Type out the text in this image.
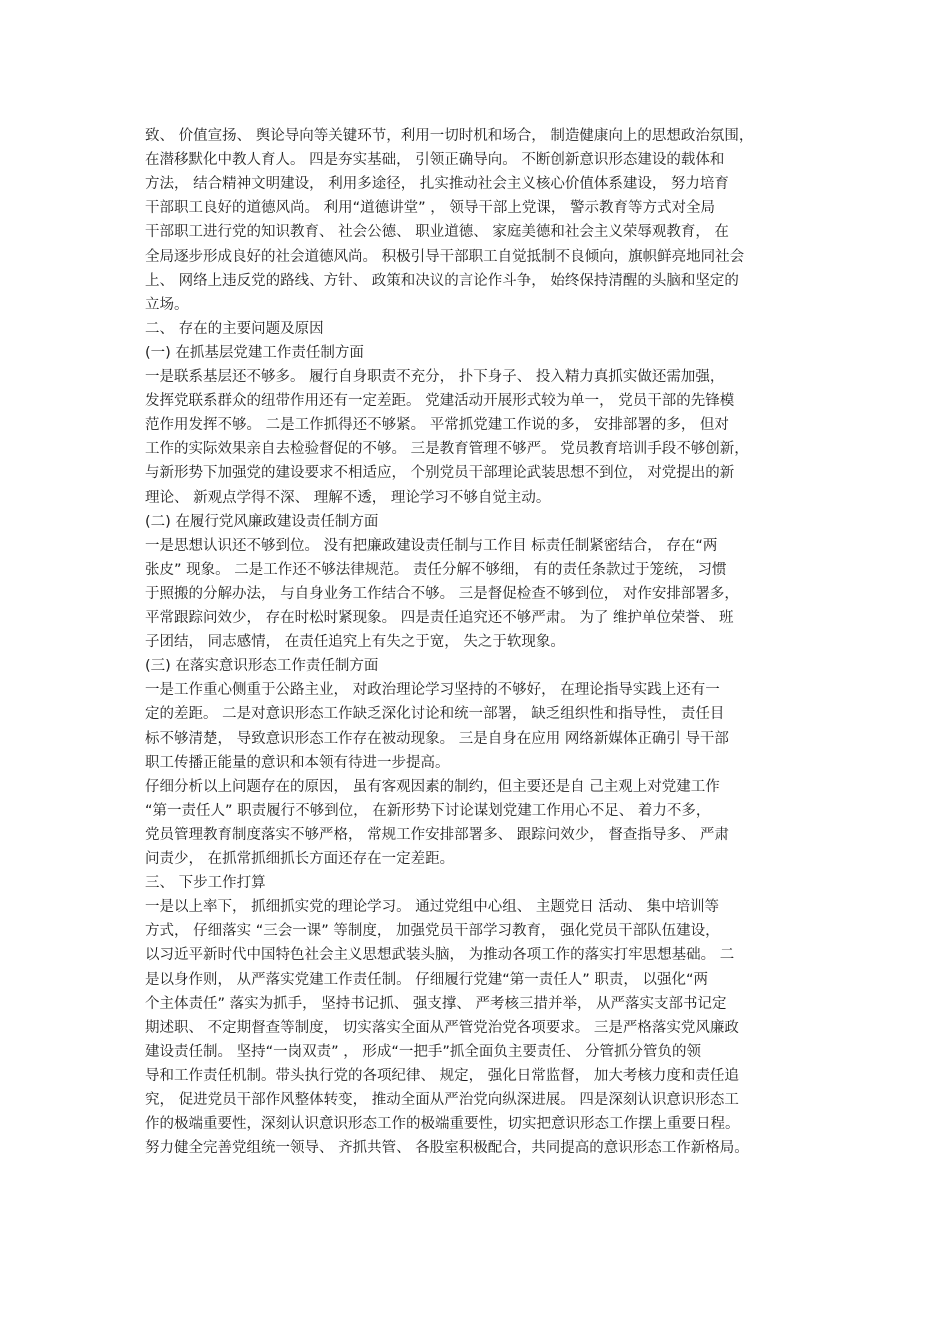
致、 价值宣扬、 舆论导向等关键环节，利用一切时机和场合， 制造健康向上的思想政治氛围，
在潜移默化中教人育人。 四是夯实基础， 引领正确导向。 不断创新意识形态建设的载体和
方法， 结合精神文明建设， 利用多途径， 扎实推动社会主义核心价值体系建设， 努力培育
干部职工良好的道德风尚。 利用“道德讲堂” ， 领导干部上党课， 警示教育等方式对全局
干部职工进行党的知识教育、 社会公德、 职业道德、 家庭美德和社会主义荣辱观教育， 在
全局逐步形成良好的社会道德风尚。 积极引导干部职工自觉抵制不良倾向，旗帜鲜亮地同社会
上、 网络上违反党的路线、方针、 政策和决议的言论作斗争， 始终保持清醒的头脑和坚定的
立场。
二、 存在的主要问题及原因
(一) 在抓基层党建工作责任制方面
一是联系基层还不够多。 履行自身职责不充分， 扑下身子、 投入精力真抓实做还需加强，
发挥党联系群众的纽带作用还有一定差距。 党建活动开展形式较为单一， 党员干部的先锋模
范作用发挥不够。 二是工作抓得还不够紧。 平常抓党建工作说的多， 安排部署的多， 但对
工作的实际效果亲自去检验督促的不够。 三是教育管理不够严。 党员教育培训手段不够创新，
与新形势下加强党的建设要求不相适应， 个别党员干部理论武装思想不到位， 对党提出的新
理论、 新观点学得不深、 理解不透， 理论学习不够自觉主动。
(二) 在履行党风廉政建设责任制方面
一是思想认识还不够到位。 没有把廉政建设责任制与工作目 标责任制紧密结合， 存在“两
张皮” 现象。 二是工作还不够法律规范。 责任分解不够细， 有的责任条款过于笼统， 习惯
于照搬的分解办法， 与自身业务工作结合不够。 三是督促检查不够到位， 对作安排部署多，
平常跟踪问效少， 存在时松时紧现象。 四是责任追究还不够严肃。 为了 维护单位荣誉、 班
子团结， 同志感情， 在责任追究上有失之于宽， 失之于软现象。
(三) 在落实意识形态工作责任制方面
一是工作重心侧重于公路主业， 对政治理论学习坚持的不够好， 在理论指导实践上还有一
定的差距。 二是对意识形态工作缺乏深化讨论和统一部署， 缺乏组织性和指导性， 责任目
标不够清楚， 导致意识形态工作存在被动现象。 三是自身在应用 网络新媒体正确引 导干部
职工传播正能量的意识和本领有待进一步提高。
仔细分析以上问题存在的原因， 虽有客观因素的制约，但主要还是自 己主观上对党建工作
“第一责任人” 职责履行不够到位， 在新形势下讨论谋划党建工作用心不足、 着力不多，
党员管理教育制度落实不够严格， 常规工作安排部署多、 跟踪问效少， 督查指导多、 严肃
问责少， 在抓常抓细抓长方面还存在一定差距。
三、 下步工作打算
一是以上率下， 抓细抓实党的理论学习。 通过党组中心组、 主题党日 活动、 集中培训等
方式， 仔细落实 “三会一课” 等制度， 加强党员干部学习教育， 强化党员干部队伍建设，
以习近平新时代中国特色社会主义思想武装头脑， 为推动各项工作的落实打牢思想基础。 二
是以身作则， 从严落实党建工作责任制。 仔细履行党建“第一责任人” 职责， 以强化“两
个主体责任” 落实为抓手， 坚持书记抓、 强支撑、 严考核三措并举， 从严落实支部书记定
期述职、 不定期督查等制度， 切实落实全面从严管党治党各项要求。 三是严格落实党风廉政
建设责任制。 坚持“一岗双责” ， 形成“一把手”抓全面负主要责任、 分管抓分管负的领
导和工作责任机制。带头执行党的各项纪律、 规定， 强化日常监督， 加大考核力度和责任追
究， 促进党员干部作风整体转变， 推动全面从严治党向纵深进展。 四是深刻认识意识形态工
作的极端重要性，深刻认识意识形态工作的极端重要性，切实把意识形态工作摆上重要日程。
努力健全完善党组统一领导、 齐抓共管、 各股室积极配合，共同提高的意识形态工作新格局。
